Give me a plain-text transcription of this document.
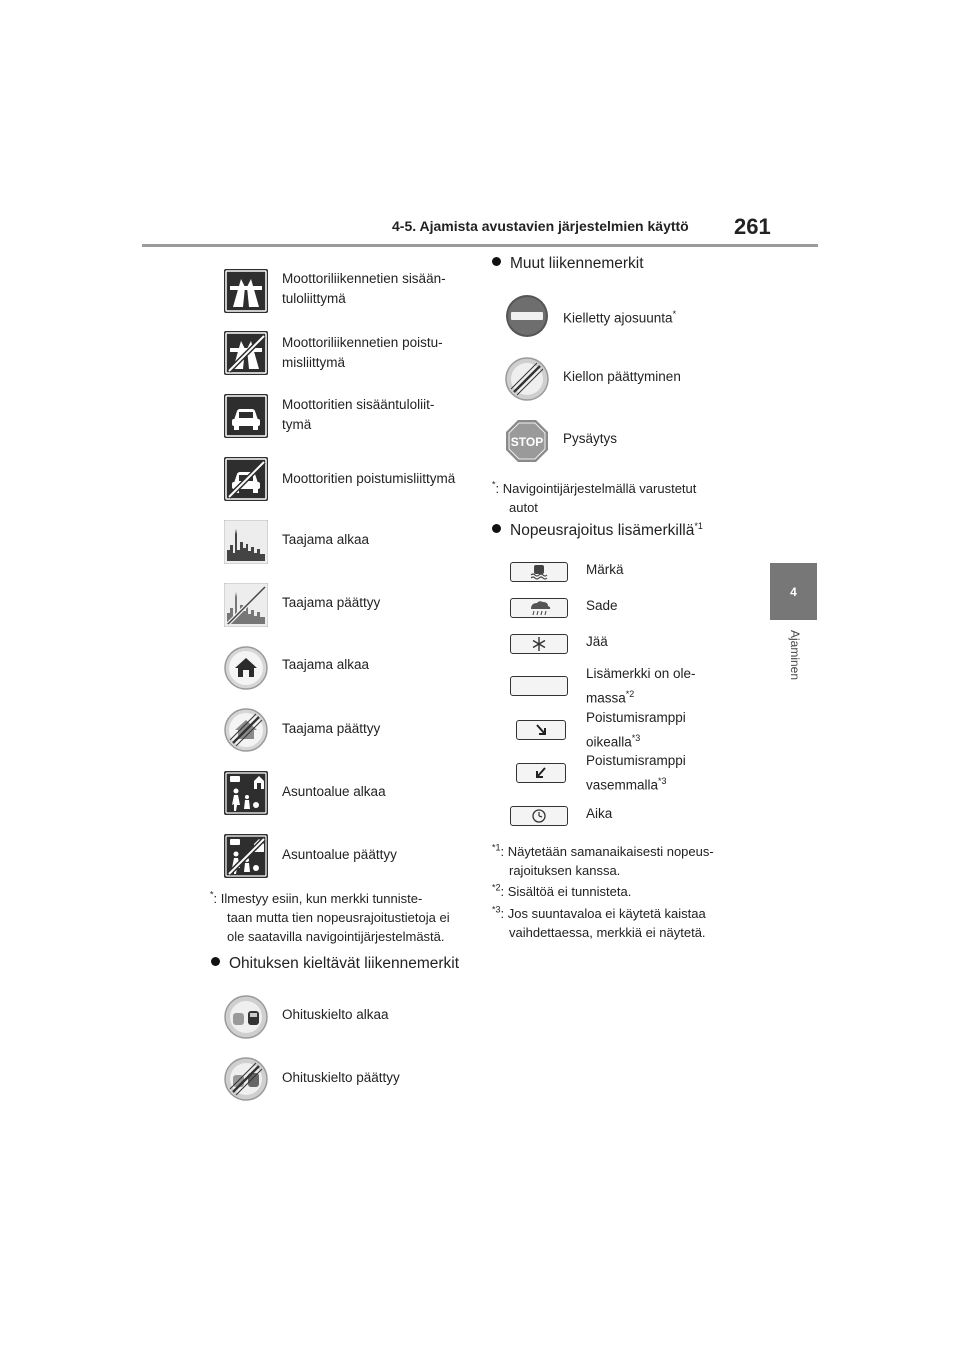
4-5. Ajamista avustavien järjestelmien käyttö 261
4
Ajaminen
Moottoriliikennetien sisään-
tuloliittymä
Moottoriliikennetien poistu-
misliittymä
Moottoritien sisääntuloliit-
tymä
Moottoritien poistumisliittymä
Taajama alkaa
Taajama päättyy
Taajama alkaa
Taajama päättyy
Asuntoalue alkaa
Asuntoalue päättyy
*: Ilmestyy esiin, kun merkki tunniste-
taan mutta tien nopeusrajoitustietoja ei
ole saatavilla navigointijärjestelmästä.
Ohituksen kieltävät liikennemerkit
Ohituskielto alkaa
Ohituskielto päättyy
Muut liikennemerkit
Kielletty ajosuunta*
Kiellon päättyminen
STOP Pysäytys
*: Navigointijärjestelmällä varustetut
autot
Nopeusrajoitus lisämerkillä$^{*1}$
Märkä
Sade
Jää
Lisämerkki on ole-
massa$^{*2}$
Poistumisramppi
oikealla$^{*3}$
Poistumisramppi
vasemmalla$^{*3}$
Aika
$^{*1}$: Näytetään samanaikaisesti nopeus-
rajoituksen kanssa.
$^{*2}$: Sisältöä ei tunnisteta.
$^{*3}$: Jos suuntavaloa ei käytetä kaistaa
vaihdettaessa, merkkiä ei näytetä.
